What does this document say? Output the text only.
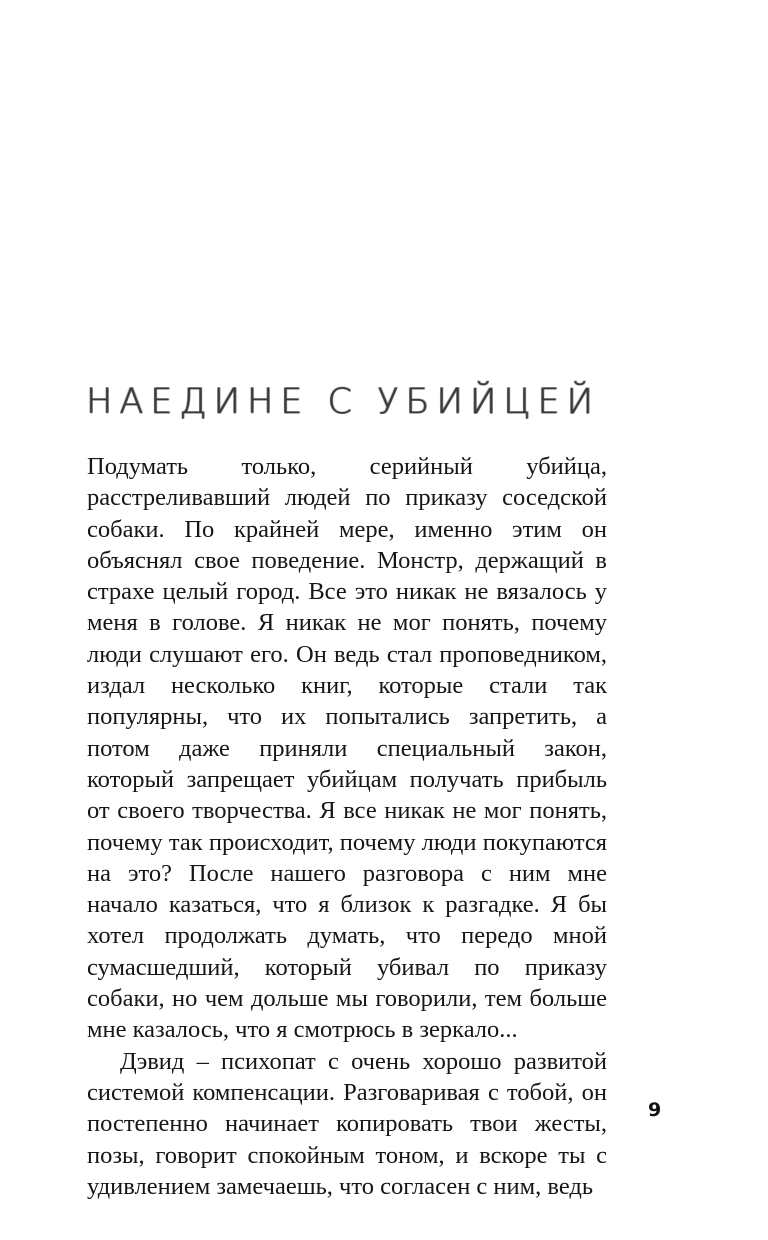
НАЕДИНЕ С УБИЙЦЕЙ

Подумать только, серийный убийца, расстреливавший людей по приказу соседской собаки. По крайней мере, именно этим он объяснял свое поведение. Монстр, держащий в страхе целый город. Все это никак не вязалось у меня в голове. Я никак не мог понять, почему люди слушают его. Он ведь стал проповедником, издал несколько книг, которые стали так популярны, что их попытались запретить, а потом даже приняли специальный закон, который запрещает убийцам получать прибыль от своего творчества. Я все никак не мог понять, почему так происходит, почему люди покупаются на это? После нашего разговора с ним мне начало казаться, что я близок к разгадке. Я бы хотел продолжать думать, что передо мной сумасшедший, который убивал по приказу собаки, но чем дольше мы говорили, тем больше мне казалось, что я смотрюсь в зеркало...

Дэвид – психопат с очень хорошо развитой системой компенсации. Разговаривая с тобой, он постепенно начинает копировать твои жесты, позы, говорит спокойным тоном, и вскоре ты с удивлением замечаешь, что согласен с ним, ведь

9
